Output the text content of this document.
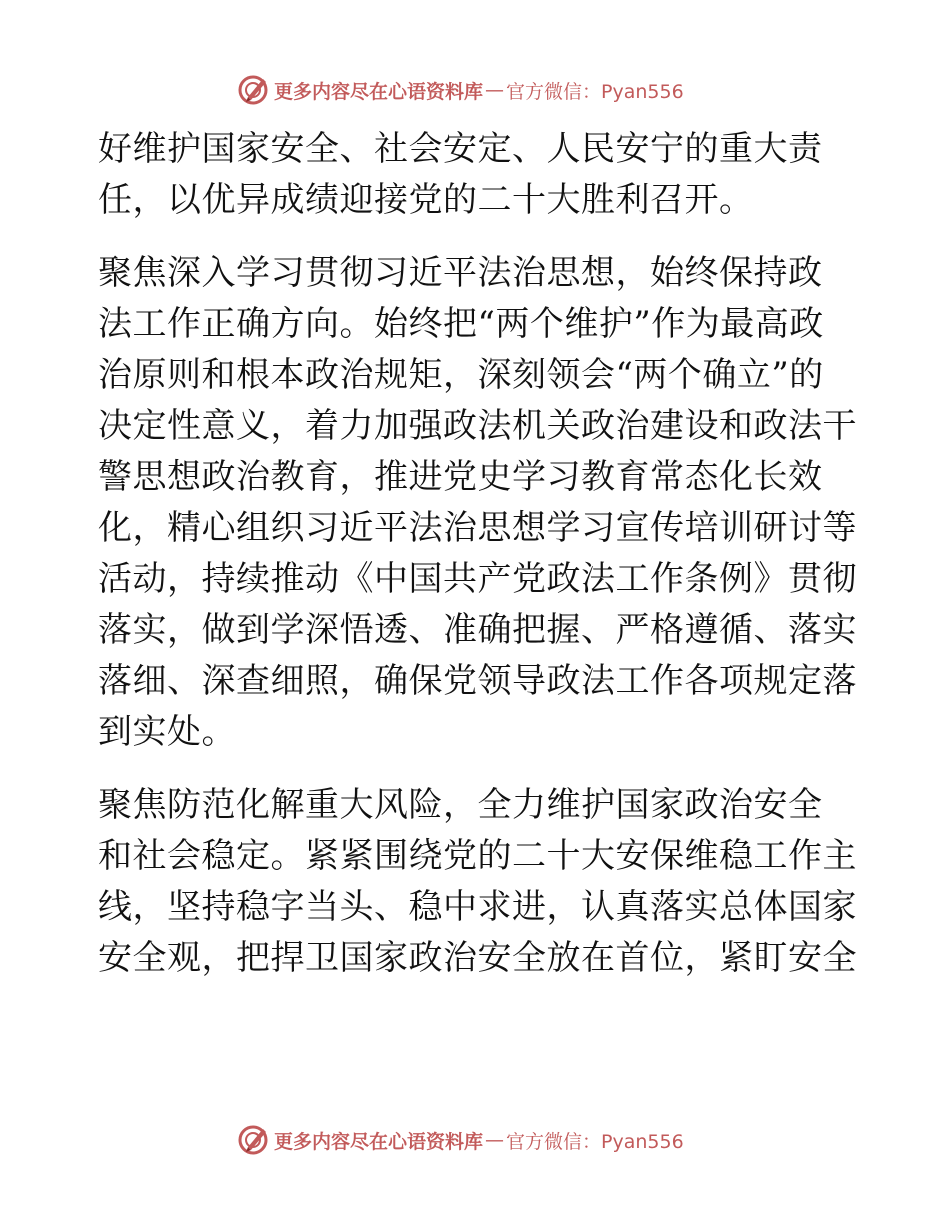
更多内容尽在心语资料库 — 官方微信：Pyan556

好维护国家安全、社会安定、人民安宁的重大责

任，以优异成绩迎接党的二十大胜利召开。

聚焦深入学习贯彻习近平法治思想，始终保持政

法工作正确方向。始终把“两个维护”作为最高政

治原则和根本政治规矩，深刻领会“两个确立”的

决定性意义，着力加强政法机关政治建设和政法干

警思想政治教育，推进党史学习教育常态化长效

化，精心组织习近平法治思想学习宣传培训研讨等

活动，持续推动《中国共产党政法工作条例》贯彻

落实，做到学深悟透、准确把握、严格遵循、落实

落细、深查细照，确保党领导政法工作各项规定落

到实处。

聚焦防范化解重大风险，全力维护国家政治安全

和社会稳定。紧紧围绕党的二十大安保维稳工作主

线，坚持稳字当头、稳中求进，认真落实总体国家

安全观，把捍卫国家政治安全放在首位，紧盯安全

更多内容尽在心语资料库 — 官方微信：Pyan556
